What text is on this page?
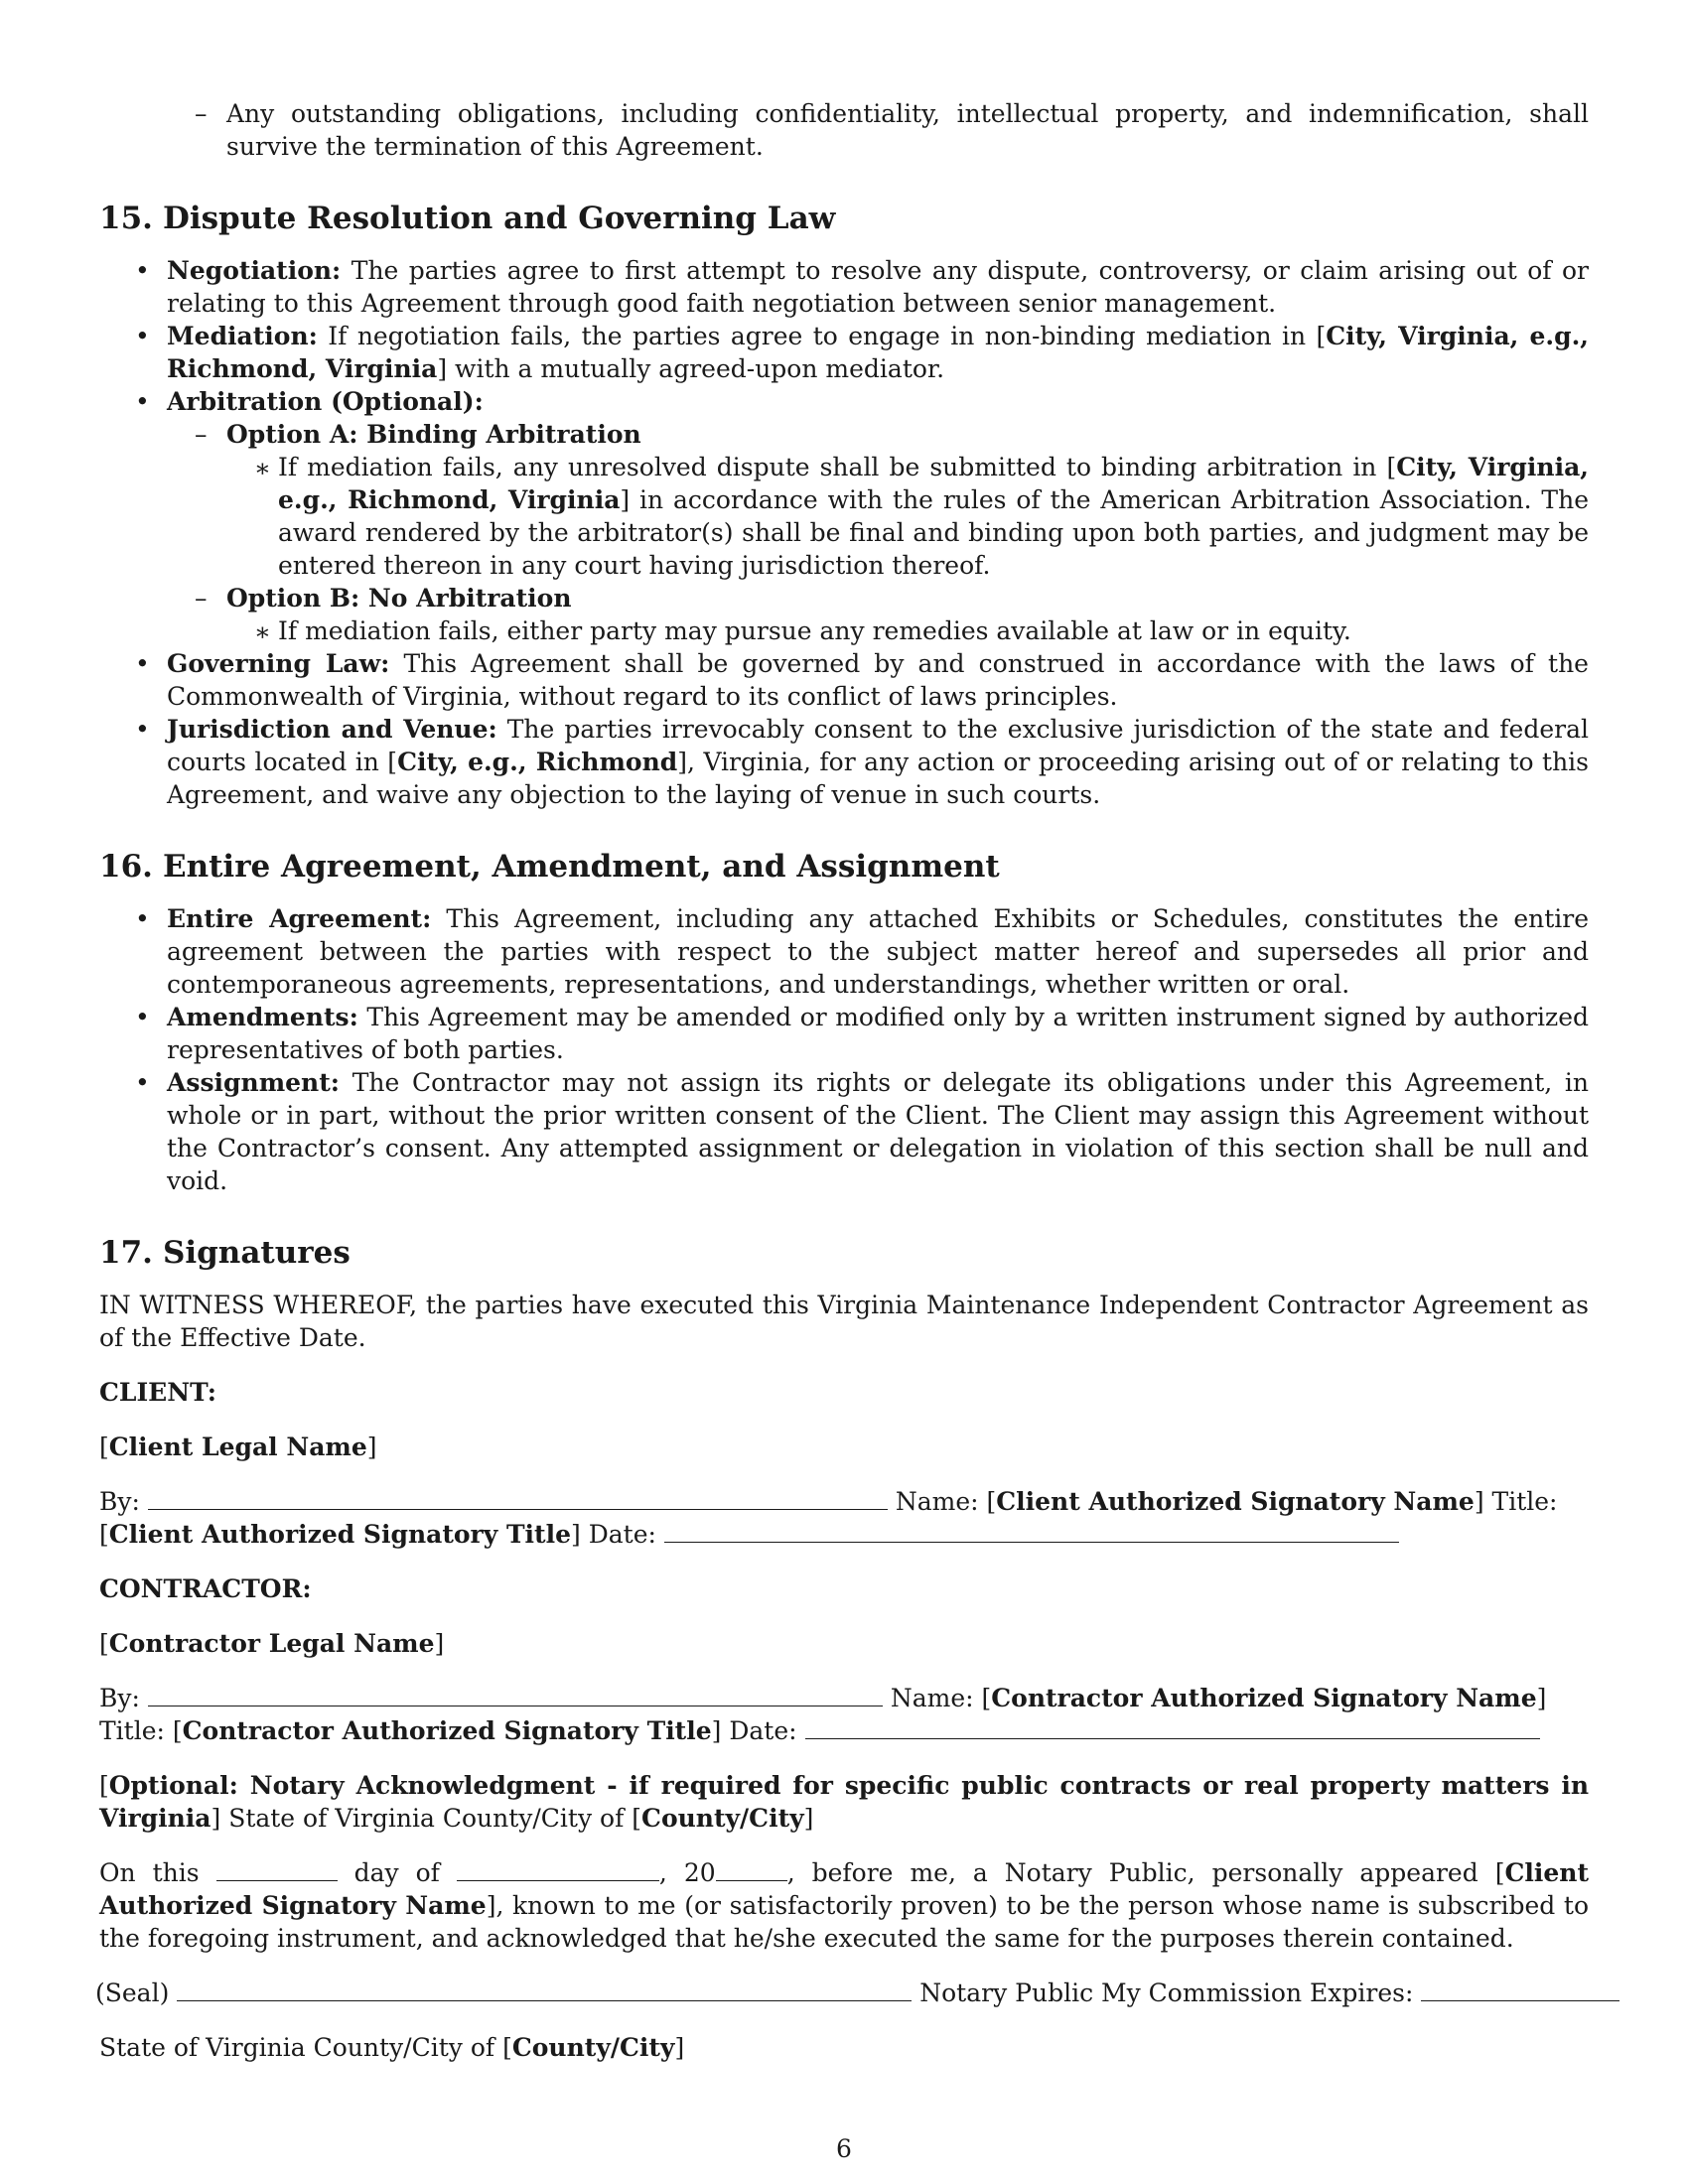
– Any outstanding obligations, including confidentiality, intellectual property, and indemnification, shall survive the termination of this Agreement.
15. Dispute Resolution and Governing Law
• Negotiation: The parties agree to first attempt to resolve any dispute, controversy, or claim arising out of or relating to this Agreement through good faith negotiation between senior management.
• Mediation: If negotiation fails, the parties agree to engage in non-binding mediation in [City, Virginia, e.g., Richmond, Virginia] with a mutually agreed-upon mediator.
• Arbitration (Optional):
– Option A: Binding Arbitration
∗ If mediation fails, any unresolved dispute shall be submitted to binding arbitration in [City, Virginia, e.g., Richmond, Virginia] in accordance with the rules of the American Arbitration Association. The award rendered by the arbitrator(s) shall be final and binding upon both parties, and judgment may be entered thereon in any court having jurisdiction thereof.
– Option B: No Arbitration
∗ If mediation fails, either party may pursue any remedies available at law or in equity.
• Governing Law: This Agreement shall be governed by and construed in accordance with the laws of the Commonwealth of Virginia, without regard to its conflict of laws principles.
• Jurisdiction and Venue: The parties irrevocably consent to the exclusive jurisdiction of the state and federal courts located in [City, e.g., Richmond], Virginia, for any action or proceeding arising out of or relating to this Agreement, and waive any objection to the laying of venue in such courts.
16. Entire Agreement, Amendment, and Assignment
• Entire Agreement: This Agreement, including any attached Exhibits or Schedules, constitutes the entire agreement between the parties with respect to the subject matter hereof and supersedes all prior and contemporaneous agreements, representations, and understandings, whether written or oral.
• Amendments: This Agreement may be amended or modified only by a written instrument signed by authorized representatives of both parties.
• Assignment: The Contractor may not assign its rights or delegate its obligations under this Agreement, in whole or in part, without the prior written consent of the Client. The Client may assign this Agreement without the Contractor’s consent. Any attempted assignment or delegation in violation of this section shall be null and void.
17. Signatures

IN WITNESS WHEREOF, the parties have executed this Virginia Maintenance Independent Contractor Agreement as of the Effective Date.

CLIENT:

[Client Legal Name]

By:	Name: [Client Authorized Signatory Name] Title: [Client Authorized Signatory Title] Date:

CONTRACTOR:

[Contractor Legal Name]

By:	Name: [Contractor Authorized Signatory Name] Title: [Contractor Authorized Signatory Title] Date:

[Optional: Notary Acknowledgment - if required for specific public contracts or real property matters in Virginia] State of Virginia County/City of [County/City]

On this	day of	, 20	, before me, a Notary Public, personally appeared [Client Authorized Signatory Name], known to me (or satisfactorily proven) to be the person whose name is subscribed to the foregoing instrument, and acknowledged that he/she executed the same for the purposes therein contained.

(Seal)	Notary Public My Commission Expires:

State of Virginia County/City of [County/City]

6
